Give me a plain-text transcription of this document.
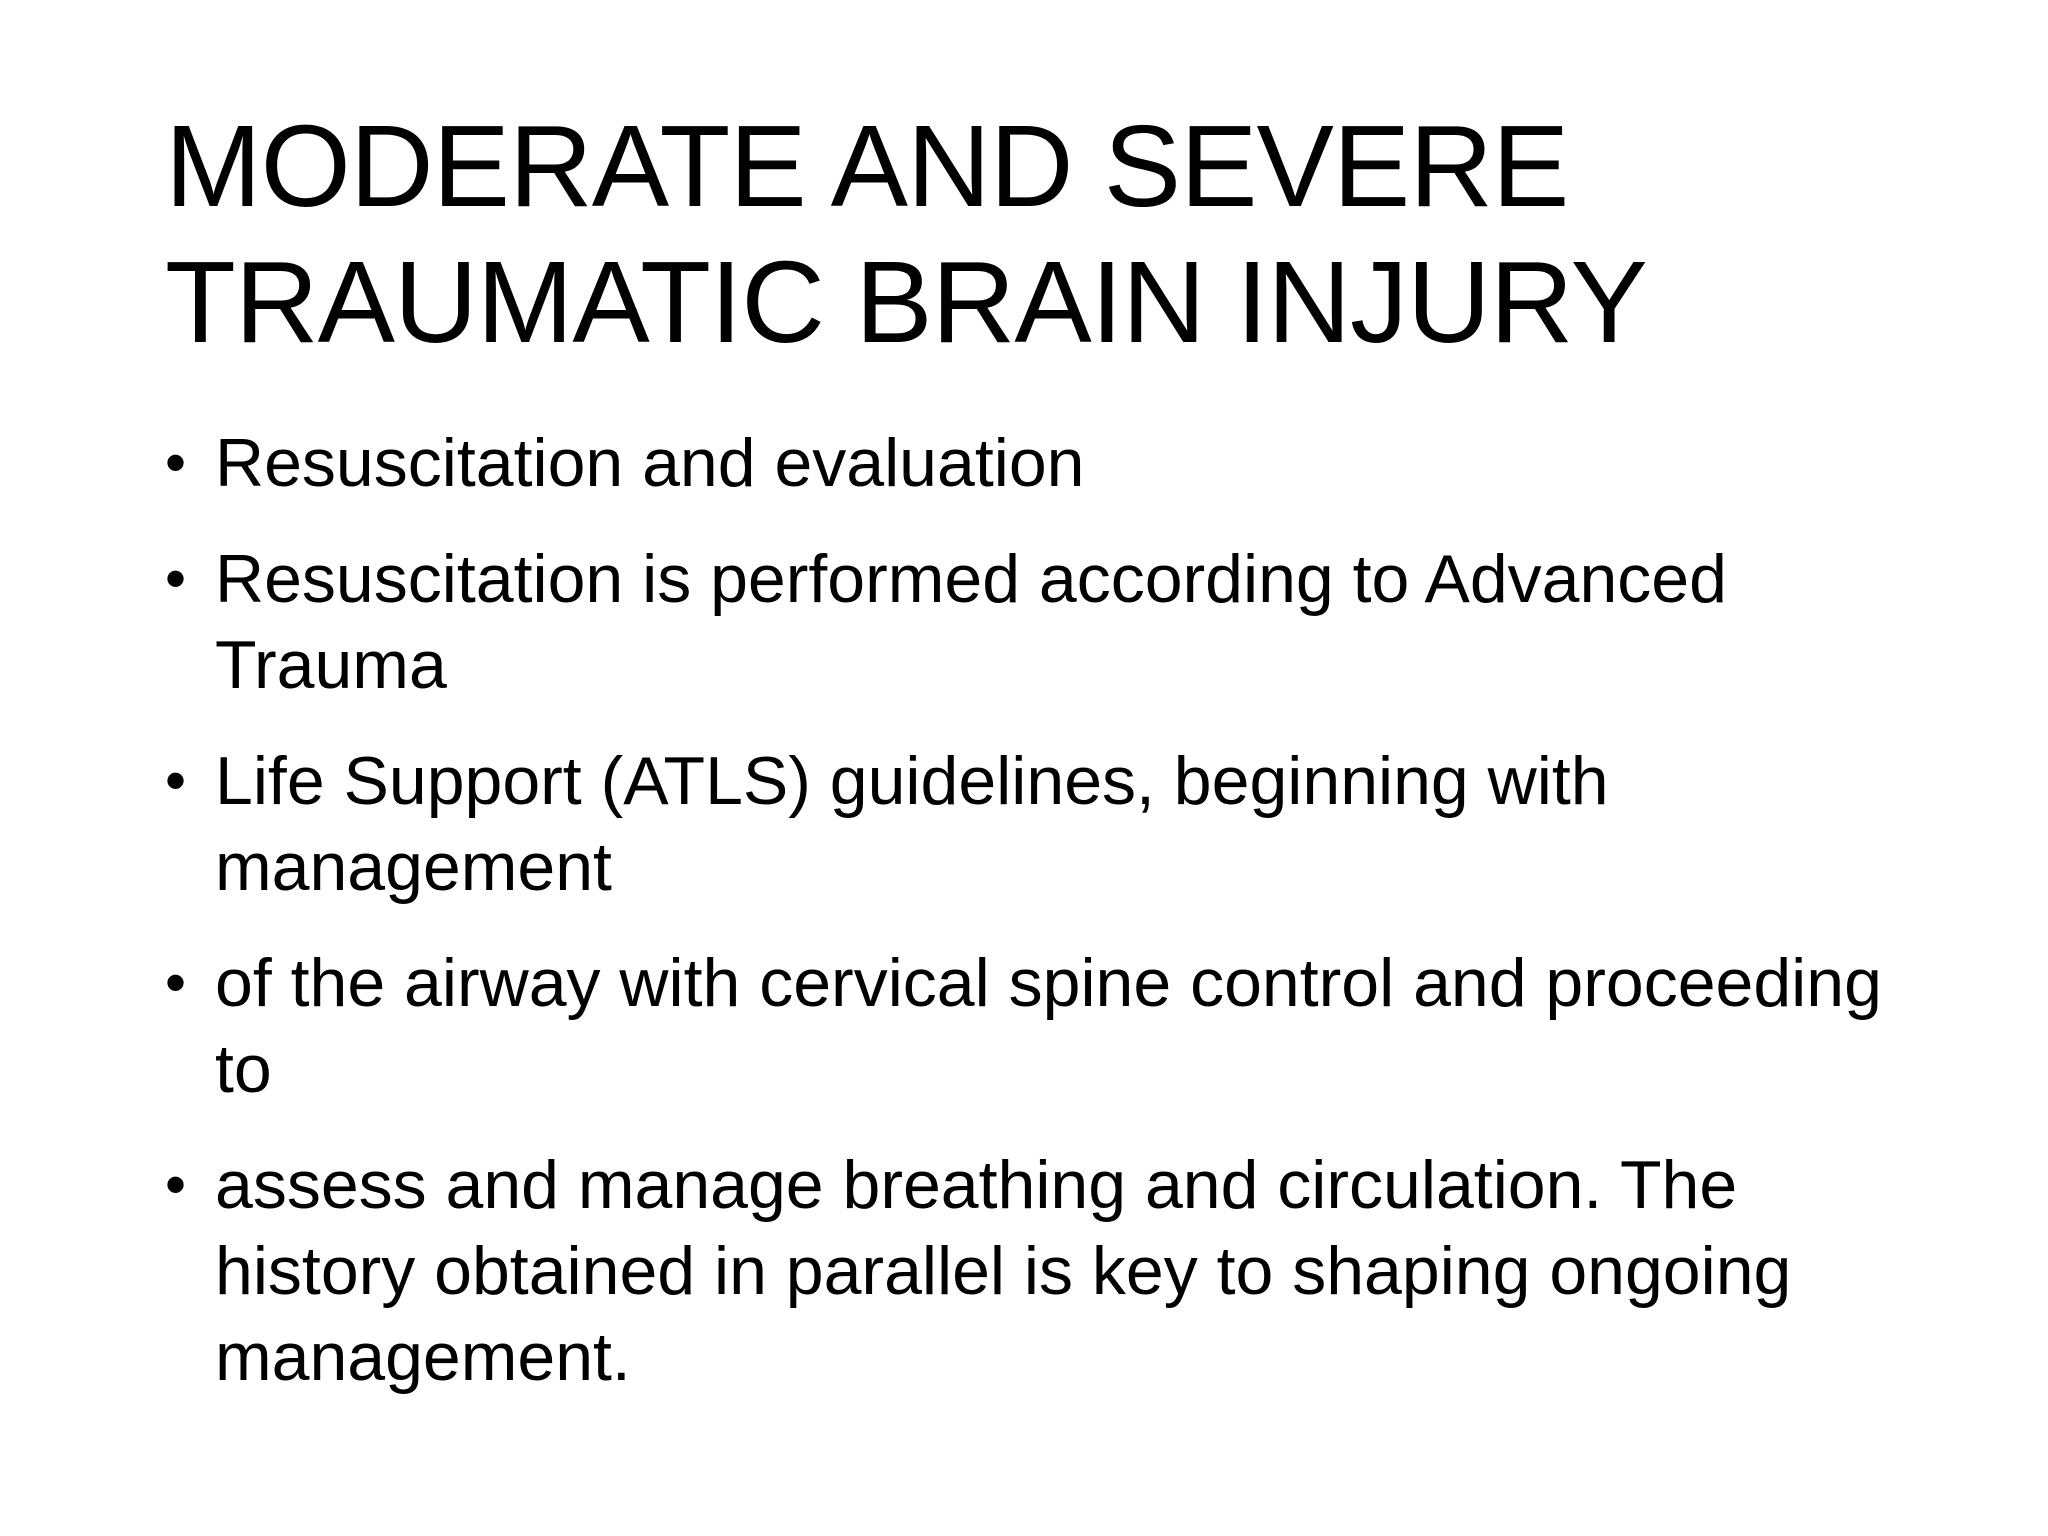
MODERATE AND SEVERE
TRAUMATIC BRAIN INJURY
• Resuscitation and evaluation
• Resuscitation is performed according to Advanced Trauma
• Life Support (ATLS) guidelines, beginning with management
• of the airway with cervical spine control and proceeding to
• assess and manage breathing and circulation. The history obtained in parallel is key to shaping ongoing management.
